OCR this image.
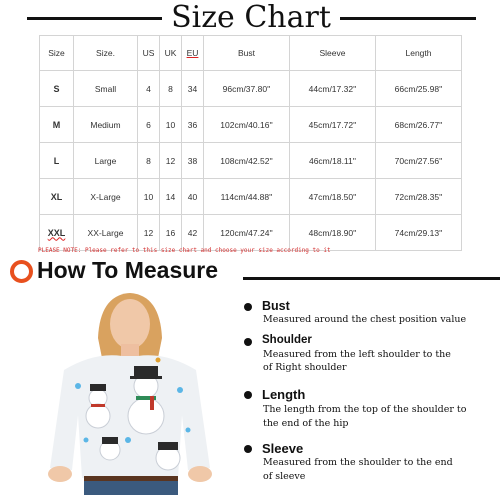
Size Chart
Size	Size.	US	UK	EU	Bust	Sleeve	Length
S	Small	4	8	34	96cm/37.80''	44cm/17.32''	66cm/25.98''
M	Medium	6	10	36	102cm/40.16''	45cm/17.72''	68cm/26.77''
L	Large	8	12	38	108cm/42.52''	46cm/18.11''	70cm/27.56''
XL	X-Large	10	14	40	114cm/44.88''	47cm/18.50''	72cm/28.35''
XXL	XX-Large	12	16	42	120cm/47.24''	48cm/18.90''	74cm/29.13''
PLEASE NOTE: Please refer to this size chart and choose your size according to it
How To Measure
Bust
Measured around the chest position value
Shoulder
Measured from the left shoulder to the
of Right shoulder
Length
The length from the top of the shoulder to
the end of the hip
Sleeve
Measured from the shoulder to the end
of sleeve
